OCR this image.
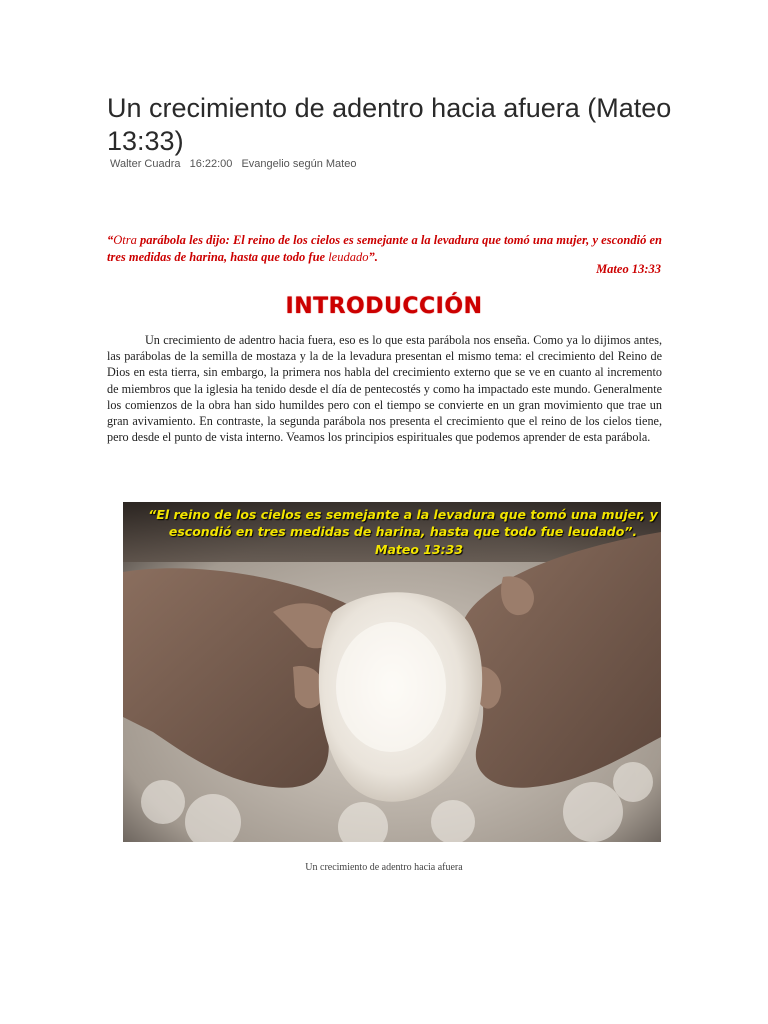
Un crecimiento de adentro hacia afuera (Mateo 13:33)
Walter Cuadra 16:22:00 Evangelio según Mateo

“Otra parábola les dijo: El reino de los cielos es semejante a la levadura que tomó una mujer, y escondió en tres medidas de harina, hasta que todo fue leudado”.

Mateo 13:33
INTRODUCCIÓN

Un crecimiento de adentro hacia fuera, eso es lo que esta parábola nos enseña. Como ya lo dijimos antes, las parábolas de la semilla de mostaza y la de la levadura presentan el mismo tema: el crecimiento del Reino de Dios en esta tierra, sin embargo, la primera nos habla del crecimiento externo que se ve en cuanto al incremento de miembros que la iglesia ha tenido desde el día de pentecostés y como ha impactado este mundo. Generalmente los comienzos de la obra han sido humildes pero con el tiempo se convierte en un gran movimiento que trae un gran avivamiento. En contraste, la segunda parábola nos presenta el crecimiento que el reino de los cielos tiene, pero desde el punto de vista interno. Veamos los principios espirituales que podemos aprender de esta parábola.

“El reino de los cielos es semejante a la levadura que tomó una mujer, y escondió en tres medidas de harina, hasta que todo fue leudado”.
Mateo 13:33
Un crecimiento de adentro hacia afuera
